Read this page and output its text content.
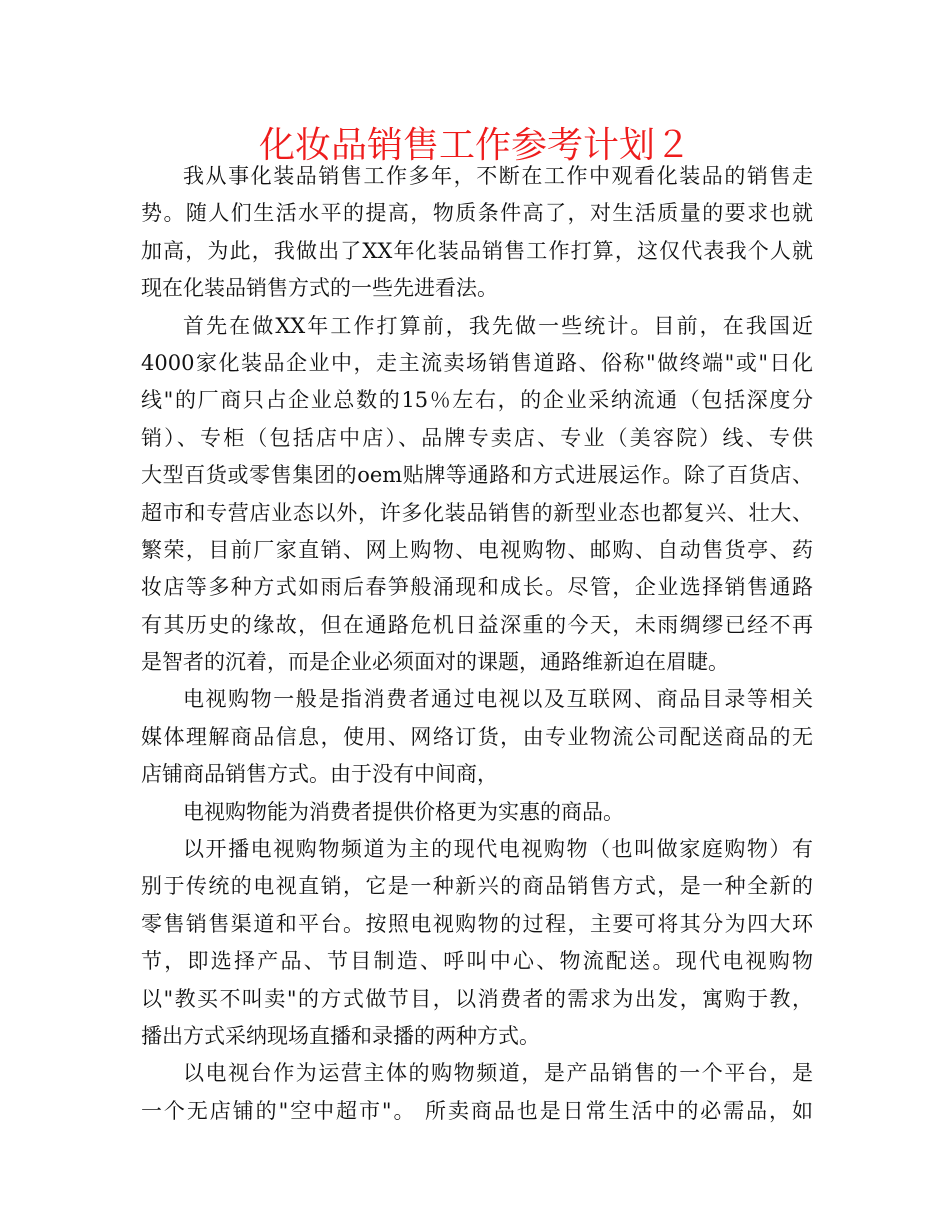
化妆品销售工作参考计划２
我从事化装品销售工作多年，不断在工作中观看化装品的销售走
势。随人们生活水平的提高，物质条件高了，对生活质量的要求也就
加高，为此，我做出了XX年化装品销售工作打算，这仅代表我个人就
现在化装品销售方式的一些先进看法。
首先在做XX年工作打算前，我先做一些统计。目前，在我国近
4000家化装品企业中，走主流卖场销售道路、俗称"做终端"或"日化
线"的厂商只占企业总数的15％左右，的企业采纳流通（包括深度分
销）、专柜（包括店中店）、品牌专卖店、专业（美容院）线、专供
大型百货或零售集团的oem贴牌等通路和方式进展运作。除了百货店、
超市和专营店业态以外，许多化装品销售的新型业态也都复兴、壮大、
繁荣，目前厂家直销、网上购物、电视购物、邮购、自动售货亭、药
妆店等多种方式如雨后春笋般涌现和成长。尽管，企业选择销售通路
有其历史的缘故，但在通路危机日益深重的今天，未雨绸缪已经不再
是智者的沉着，而是企业必须面对的课题，通路维新迫在眉睫。
电视购物一般是指消费者通过电视以及互联网、商品目录等相关
媒体理解商品信息，使用、网络订货，由专业物流公司配送商品的无
店铺商品销售方式。由于没有中间商，
电视购物能为消费者提供价格更为实惠的商品。
以开播电视购物频道为主的现代电视购物（也叫做家庭购物）有
别于传统的电视直销，它是一种新兴的商品销售方式，是一种全新的
零售销售渠道和平台。按照电视购物的过程，主要可将其分为四大环
节，即选择产品、节目制造、呼叫中心、物流配送。现代电视购物
以"教买不叫卖"的方式做节目，以消费者的需求为出发，寓购于教，
播出方式采纳现场直播和录播的两种方式。
以电视台作为运营主体的购物频道，是产品销售的一个平台，是
一个无店铺的"空中超市"。 所卖商品也是日常生活中的必需品，如
